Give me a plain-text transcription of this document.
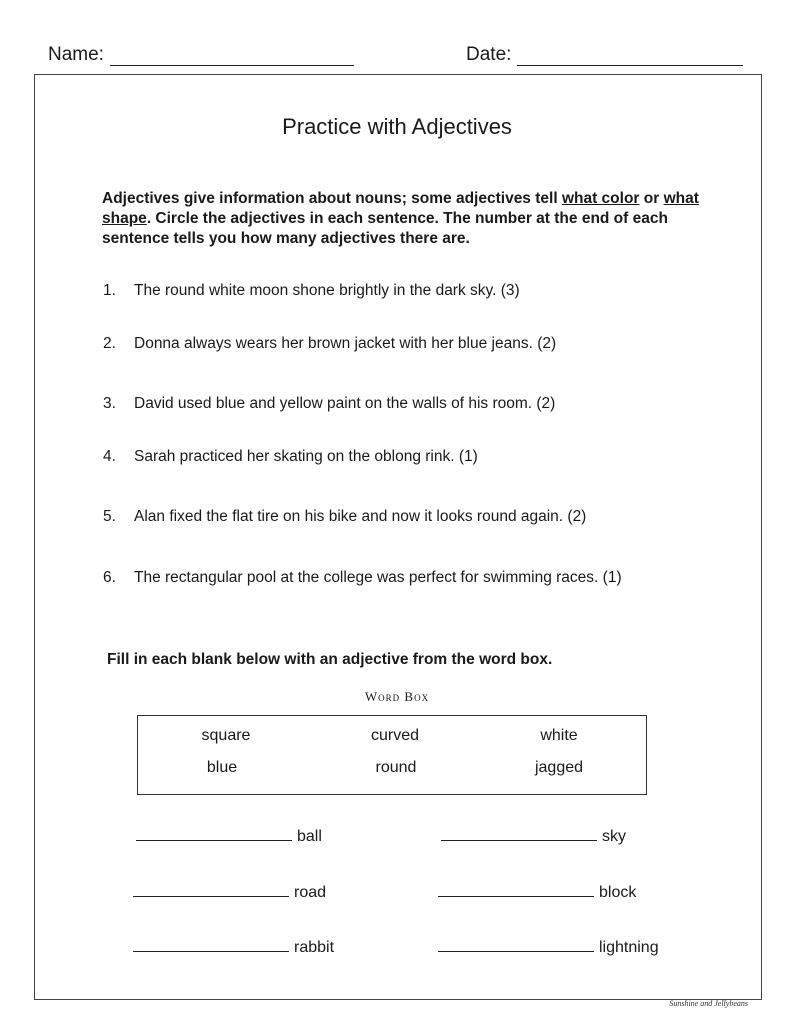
Name:	Date:
Practice with Adjectives
Adjectives give information about nouns; some adjectives tell what color or what shape. Circle the adjectives in each sentence. The number at the end of each sentence tells you how many adjectives there are.
1. The round white moon shone brightly in the dark sky. (3)
2. Donna always wears her brown jacket with her blue jeans. (2)
3. David used blue and yellow paint on the walls of his room. (2)
4. Sarah practiced her skating on the oblong rink. (1)
5. Alan fixed the flat tire on his bike and now it looks round again. (2)
6. The rectangular pool at the college was perfect for swimming races. (1)
Fill in each blank below with an adjective from the word box.
Word Box
square	curved	white
blue	round	jagged
ball	sky
road	block
rabbit	lightning
Sunshine and Jellybeans
